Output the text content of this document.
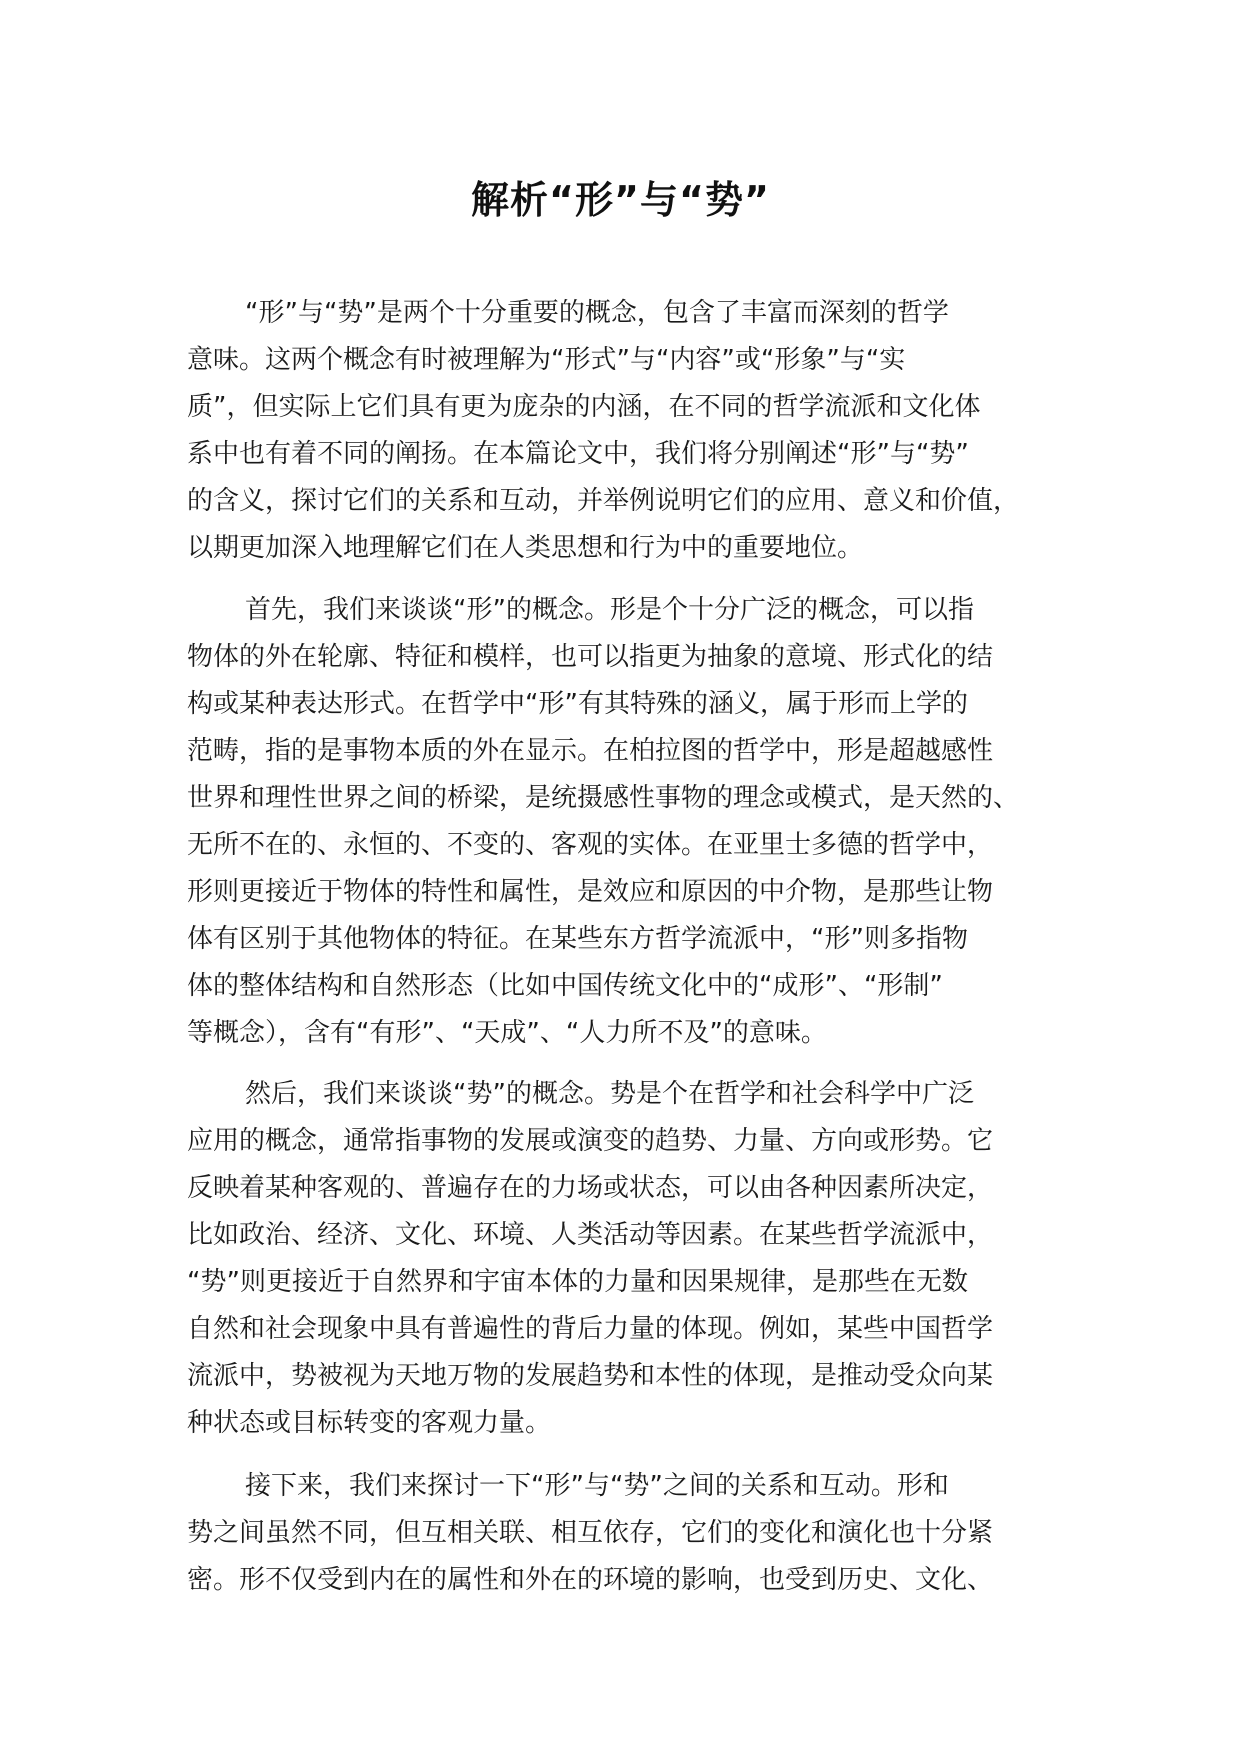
解析“形”与“势”
“形”与“势”是两个十分重要的概念，包含了丰富而深刻的哲学
意味。这两个概念有时被理解为“形式”与“内容”或“形象”与“实
质”，但实际上它们具有更为庞杂的内涵，在不同的哲学流派和文化体
系中也有着不同的阐扬。在本篇论文中，我们将分别阐述“形”与“势”
的含义，探讨它们的关系和互动，并举例说明它们的应用、意义和价值，
以期更加深入地理解它们在人类思想和行为中的重要地位。
首先，我们来谈谈“形”的概念。形是个十分广泛的概念，可以指
物体的外在轮廓、特征和模样，也可以指更为抽象的意境、形式化的结
构或某种表达形式。在哲学中“形”有其特殊的涵义，属于形而上学的
范畴，指的是事物本质的外在显示。在柏拉图的哲学中，形是超越感性
世界和理性世界之间的桥梁，是统摄感性事物的理念或模式，是天然的、
无所不在的、永恒的、不变的、客观的实体。在亚里士多德的哲学中，
形则更接近于物体的特性和属性，是效应和原因的中介物，是那些让物
体有区别于其他物体的特征。在某些东方哲学流派中，“形”则多指物
体的整体结构和自然形态（比如中国传统文化中的“成形”、“形制”
等概念），含有“有形”、“天成”、“人力所不及”的意味。
然后，我们来谈谈“势”的概念。势是个在哲学和社会科学中广泛
应用的概念，通常指事物的发展或演变的趋势、力量、方向或形势。它
反映着某种客观的、普遍存在的力场或状态，可以由各种因素所决定，
比如政治、经济、文化、环境、人类活动等因素。在某些哲学流派中，
“势”则更接近于自然界和宇宙本体的力量和因果规律，是那些在无数
自然和社会现象中具有普遍性的背后力量的体现。例如，某些中国哲学
流派中，势被视为天地万物的发展趋势和本性的体现，是推动受众向某
种状态或目标转变的客观力量。
接下来，我们来探讨一下“形”与“势”之间的关系和互动。形和
势之间虽然不同，但互相关联、相互依存，它们的变化和演化也十分紧
密。形不仅受到内在的属性和外在的环境的影响，也受到历史、文化、
